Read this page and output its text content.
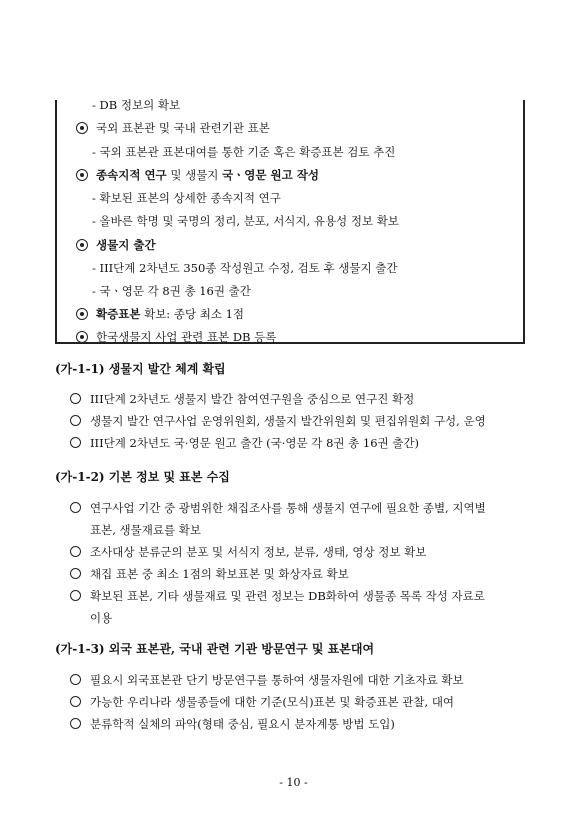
- DB 정보의 확보
국외 표본관 및 국내 관련기관 표본
- 국외 표본관 표본대여를 통한 기준 혹은 확증표본 검토 추진
종속지적 연구 및 생물지 국ㆍ영문 원고 작성
- 확보된 표본의 상세한 종속지적 연구
- 올바른 학명 및 국명의 정리, 분포, 서식지, 유용성 정보 확보
생물지 출간
- III단계 2차년도 350종 작성원고 수정, 검토 후 생물지 출간
- 국ㆍ영문 각 8권 총 16권 출간
확증표본 확보: 종당 최소 1점
(가-1-1) 생물지 발간 체계 확립
III단계 2차년도 생물지 발간 참여연구원을 중심으로 연구진 확정
생물지 발간 연구사업 운영위원회, 생물지 발간위원회 및 편집위원회 구성, 운영
III단계 2차년도 국·영문 원고 출간 (국·영문 각 8권 총 16권 출간)
(가-1-2) 기본 정보 및 표본 수집
연구사업 기간 중 광범위한 채집조사를 통해 생물지 연구에 필요한 종별, 지역별
표본, 생물재료를 확보
조사대상 분류군의 분포 및 서식지 정보, 분류, 생태, 영상 정보 확보
채집 표본 중 최소 1점의 확보표본 및 화상자료 확보
확보된 표본, 기타 생물재료 및 관련 정보는 DB화하여 생물종 목록 작성 자료로
이용
(가-1-3) 외국 표본관, 국내 관련 기관 방문연구 및 표본대여
필요시 외국표본관 단기 방문연구를 통하여 생물자원에 대한 기초자료 확보
가능한 우리나라 생물종들에 대한 기준(모식)표본 및 확증표본 관찰, 대여
분류학적 실체의 파악(형태 중심, 필요시 분자계통 방법 도입)
- 10 -
한국생물지 사업 관련 표본 DB 등록
